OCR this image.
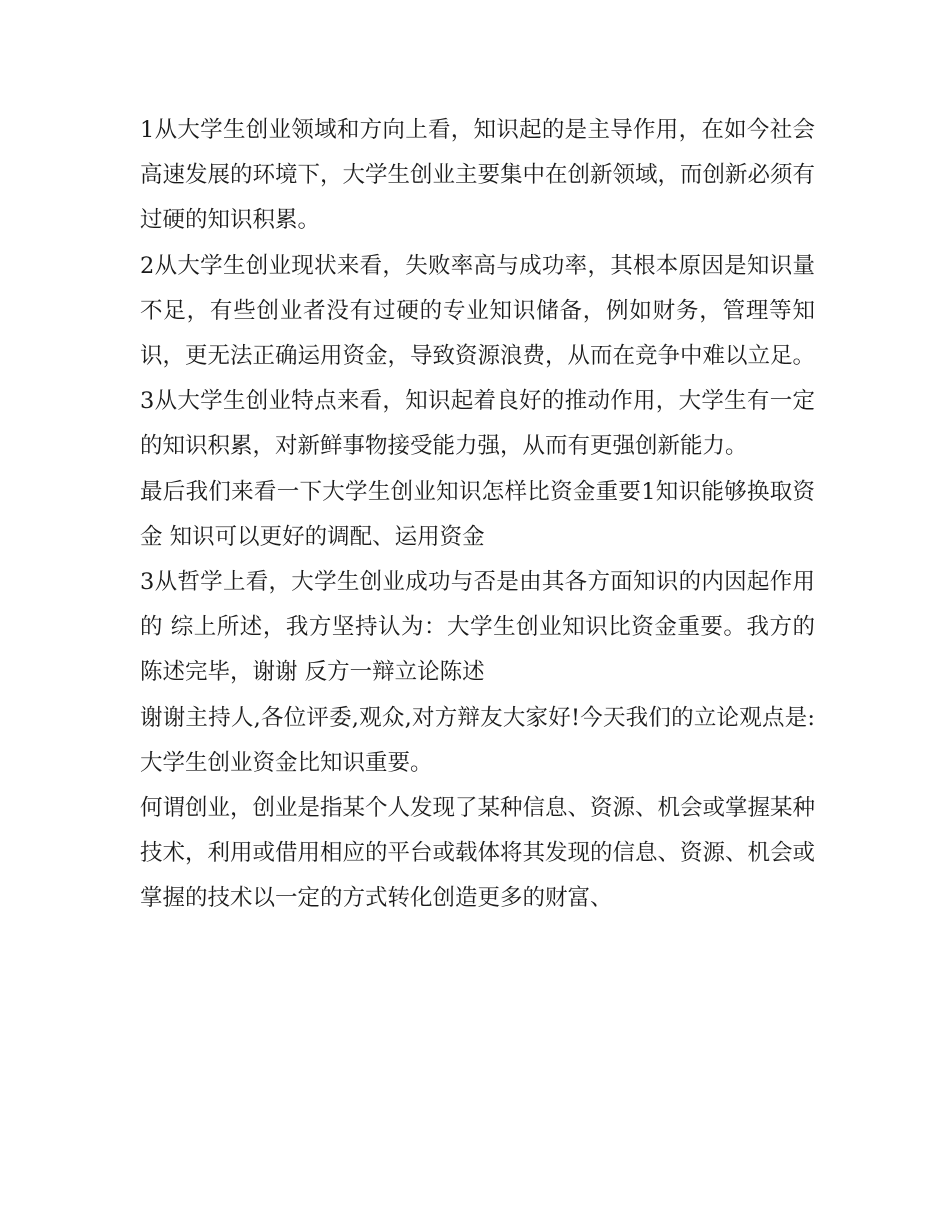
1从大学生创业领域和方向上看，知识起的是主导作用，在如今社会高速发展的环境下，大学生创业主要集中在创新领域，而创新必须有过硬的知识积累。

2从大学生创业现状来看，失败率高与成功率，其根本原因是知识量不足，有些创业者没有过硬的专业知识储备，例如财务，管理等知识，更无法正确运用资金，导致资源浪费，从而在竞争中难以立足。

3从大学生创业特点来看，知识起着良好的推动作用，大学生有一定的知识积累，对新鲜事物接受能力强，从而有更强创新能力。

最后我们来看一下大学生创业知识怎样比资金重要1知识能够换取资金 知识可以更好的调配、运用资金

3从哲学上看，大学生创业成功与否是由其各方面知识的内因起作用的 综上所述，我方坚持认为：大学生创业知识比资金重要。我方的陈述完毕，谢谢 反方一辩立论陈述

谢谢主持人,各位评委,观众,对方辩友大家好!今天我们的立论观点是:大学生创业资金比知识重要。

何谓创业，创业是指某个人发现了某种信息、资源、机会或掌握某种技术，利用或借用相应的平台或载体将其发现的信息、资源、机会或掌握的技术以一定的方式转化创造更多的财富、
